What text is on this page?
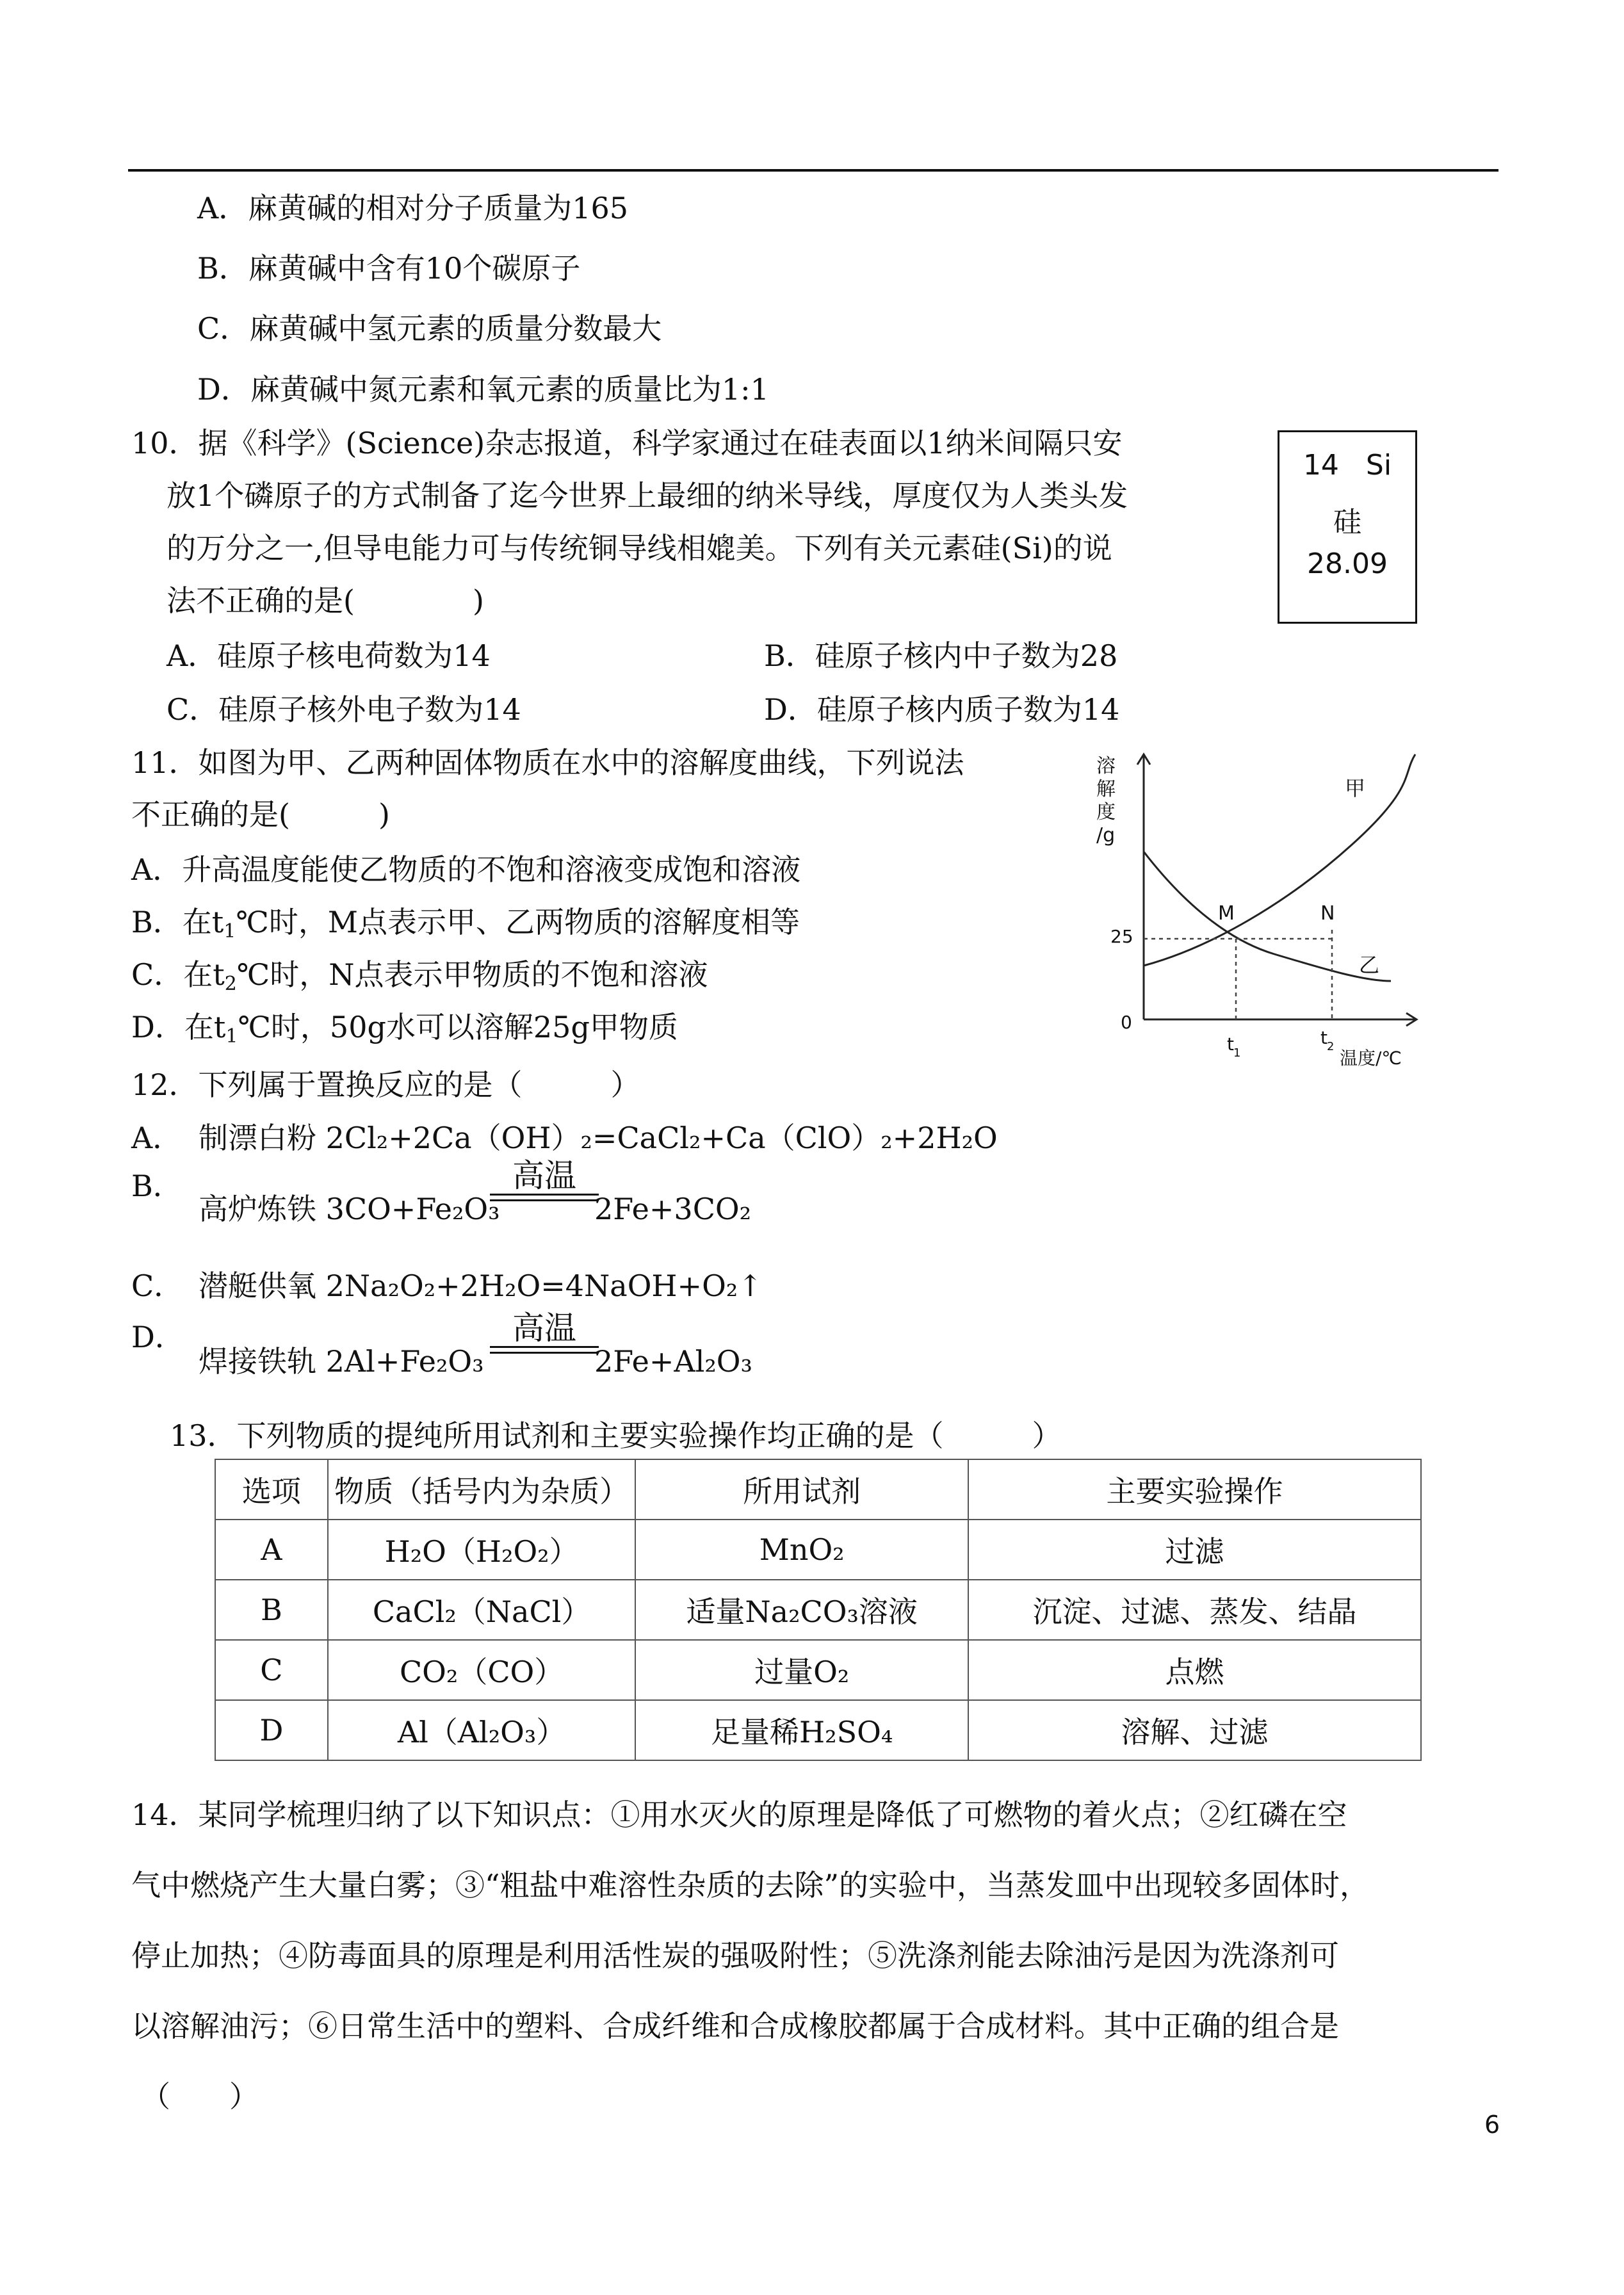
A．麻黄碱的相对分子质量为165
B．麻黄碱中含有10个碳原子
C．麻黄碱中氢元素的质量分数最大
D．麻黄碱中氮元素和氧元素的质量比为1:1
10．据《科学》(Science)杂志报道，科学家通过在硅表面以1纳米间隔只安
放1个磷原子的方式制备了迄今世界上最细的纳米导线，厚度仅为人类头发
的万分之一,但导电能力可与传统铜导线相媲美。下列有关元素硅(Si)的说
法不正确的是(　　　　)
A．硅原子核电荷数为14	B．硅原子核内中子数为28
C．硅原子核外电子数为14	D．硅原子核内质子数为14
14 Si
硅
28.09
11．如图为甲、乙两种固体物质在水中的溶解度曲线，下列说法
不正确的是(　　　)
A．升高温度能使乙物质的不饱和溶液变成饱和溶液
B．在$t_1℃$时，M点表示甲、乙两物质的溶解度相等
C．在$t_2℃$时，N点表示甲物质的不饱和溶液
D．在$t_1℃$时，50g水可以溶解25g甲物质
溶
解
度
/g
0
25
t 1
t 2
温度/℃
M	N
甲
乙
12．下列属于置换反应的是（　　　）
A． 制漂白粉 2Cl₂+2Ca（OH）₂=CaCl₂+Ca（ClO）₂+2H₂O
B．
高炉炼铁 3CO+Fe₂O₃
高温
2Fe+3CO₂
C． 潜艇供氧 2Na₂O₂+2H₂O=4NaOH+O₂↑
D．
焊接铁轨 2Al+Fe₂O₃
高温
2Fe+Al₂O₃
13．下列物质的提纯所用试剂和主要实验操作均正确的是（　　　）
选项	物质（括号内为杂质）	所用试剂	主要实验操作
A	H₂O（H₂O₂）	MnO₂	过滤
B	CaCl₂（NaCl）	适量Na₂CO₃溶液	沉淀、过滤、蒸发、结晶
C	CO₂（CO）	过量O₂	点燃
D	Al（Al₂O₃）	足量稀H₂SO₄	溶解、过滤
14．某同学梳理归纳了以下知识点：①用水灭火的原理是降低了可燃物的着火点；②红磷在空
气中燃烧产生大量白雾；③“粗盐中难溶性杂质的去除”的实验中，当蒸发皿中出现较多固体时，
停止加热；④防毒面具的原理是利用活性炭的强吸附性；⑤洗涤剂能去除油污是因为洗涤剂可
以溶解油污；⑥日常生活中的塑料、合成纤维和合成橡胶都属于合成材料。其中正确的组合是
（　　）
6
